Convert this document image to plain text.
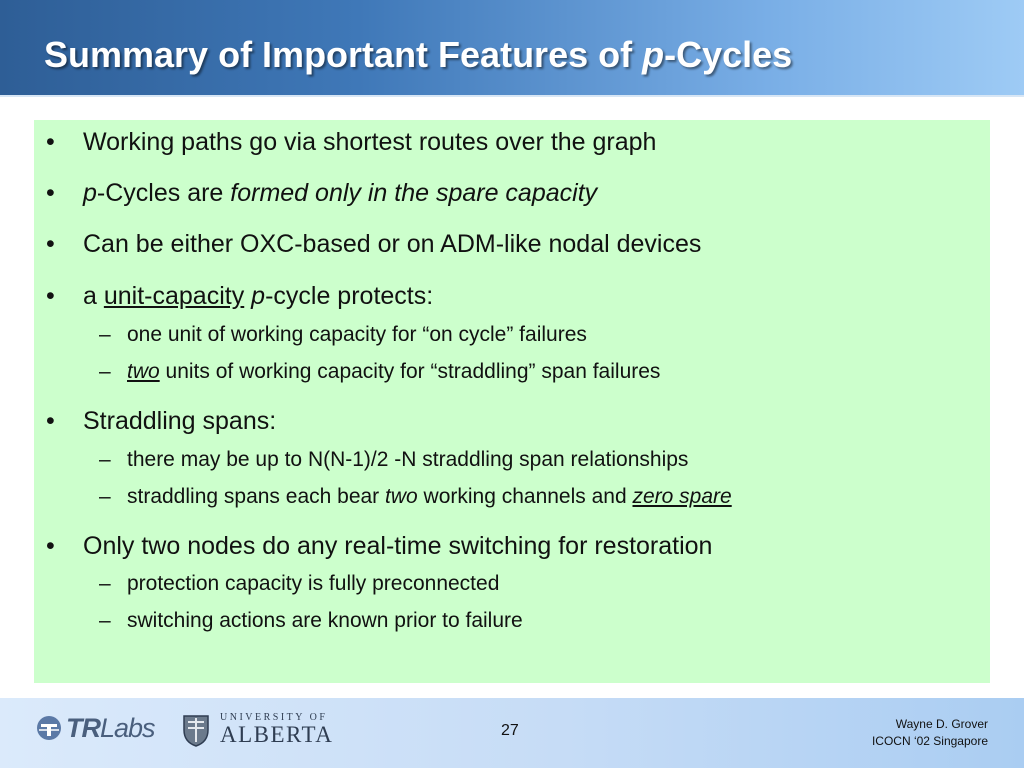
Summary of Important Features of p-Cycles
• Working paths go via shortest routes over the graph
• p-Cycles are formed only in the spare capacity
• Can be either OXC-based or on ADM-like nodal devices
• a unit-capacity p-cycle protects:
– one unit of working capacity for “on cycle” failures
– two units of working capacity for “straddling” span failures
• Straddling spans:
– there may be up to N(N-1)/2 -N straddling span relationships
– straddling spans each bear two working channels and zero spare
• Only two nodes do any real-time switching for restoration
– protection capacity is fully preconnected
– switching actions are known prior to failure
TRLabs	UNIVERSITY OF
ALBERTA	27	Wayne D. Grover
ICOCN ‘02 Singapore
